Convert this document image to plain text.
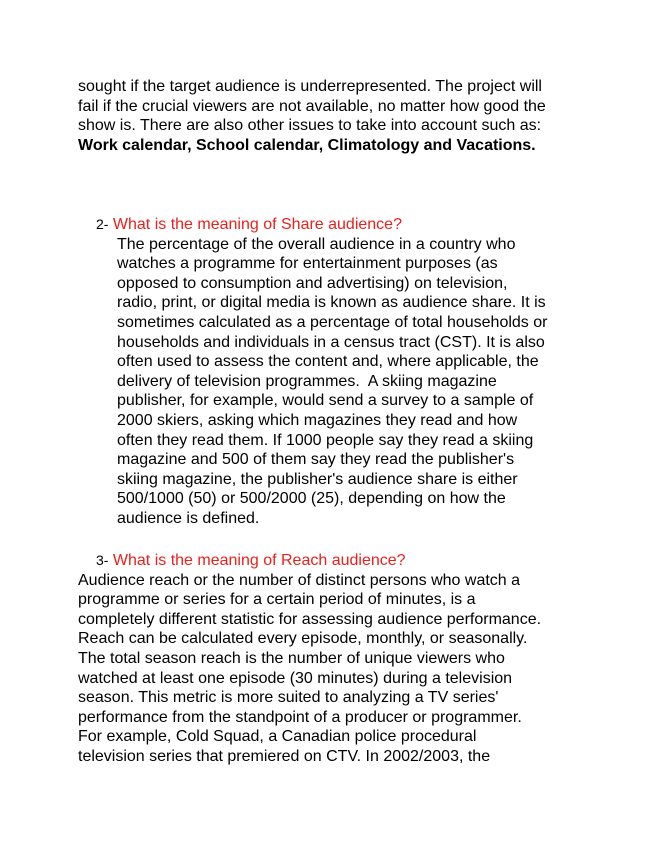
sought if the target audience is underrepresented. The project will
fail if the crucial viewers are not available, no matter how good the
show is. There are also other issues to take into account such as:
Work calendar, School calendar, Climatology and Vacations.
2- What is the meaning of Share audience?
The percentage of the overall audience in a country who
watches a programme for entertainment purposes (as
opposed to consumption and advertising) on television,
radio, print, or digital media is known as audience share. It is
sometimes calculated as a percentage of total households or
households and individuals in a census tract (CST). It is also
often used to assess the content and, where applicable, the
delivery of television programmes.  A skiing magazine
publisher, for example, would send a survey to a sample of
2000 skiers, asking which magazines they read and how
often they read them. If 1000 people say they read a skiing
magazine and 500 of them say they read the publisher's
skiing magazine, the publisher's audience share is either
500/1000 (50) or 500/2000 (25), depending on how the
audience is defined.
3- What is the meaning of Reach audience?
Audience reach or the number of distinct persons who watch a
programme or series for a certain period of minutes, is a
completely different statistic for assessing audience performance.
Reach can be calculated every episode, monthly, or seasonally.
The total season reach is the number of unique viewers who
watched at least one episode (30 minutes) during a television
season. This metric is more suited to analyzing a TV series'
performance from the standpoint of a producer or programmer.
For example, Cold Squad, a Canadian police procedural
television series that premiered on CTV. In 2002/2003, the
